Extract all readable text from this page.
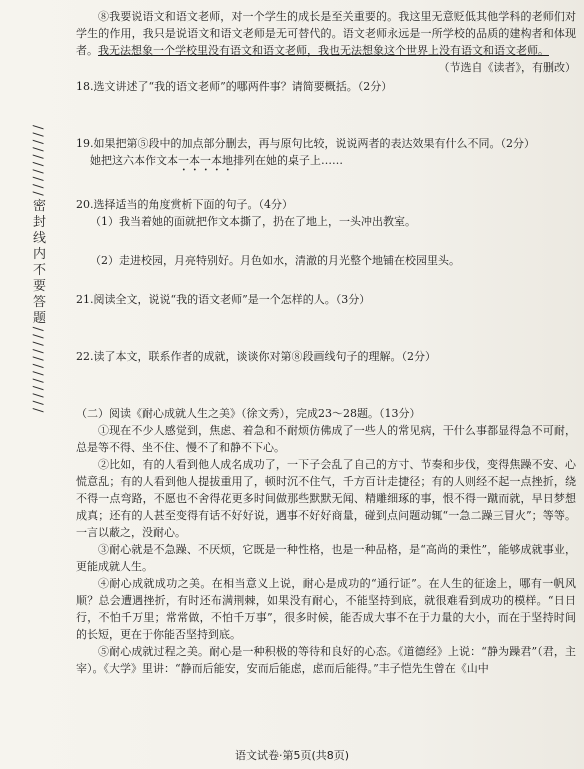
//////////密封线内不要答题////////////

⑧我要说语文和语文老师，对一个学生的成长是至关重要的。我这里无意贬低其他学科的老师们对学生的作用，我只是说语文和语文老师是无可替代的。语文老师永远是一所学校的品质的建构者和体现者。我无法想象一个学校里没有语文和语文老师，我也无法想象这个世界上没有语文和语文老师。

（节选自《读者》，有删改）

18.选文讲述了“我的语文老师”的哪两件事？请简要概括。（2分）

19.如果把第⑤段中的加点部分删去，再与原句比较，说说两者的表达效果有什么不同。（2分）

她把这六本作文本一本一本地排列在她的桌子上……

20.选择适当的角度赏析下面的句子。（4分）

（1）我当着她的面就把作文本撕了，扔在了地上，一头冲出教室。

（2）走进校园，月亮特别好。月色如水，清澈的月光整个地铺在校园里头。

21.阅读全文，说说“我的语文老师”是一个怎样的人。（3分）

22.读了本文，联系作者的成就，谈谈你对第⑧段画线句子的理解。（2分）

（二）阅读《耐心成就人生之美》（徐文秀），完成23～28题。（13分）

①现在不少人感觉到，焦虑、着急和不耐烦仿佛成了一些人的常见病，干什么事都显得急不可耐，总是等不得、坐不住、慢不了和静不下心。

②比如，有的人看到他人成名成功了，一下子会乱了自己的方寸、节奏和步伐，变得焦躁不安、心慌意乱；有的人看到他人提拔重用了，顿时沉不住气，千方百计走捷径；有的人则经不起一点挫折，绕不得一点弯路，不愿也不舍得花更多时间做那些默默无闻、精雕细琢的事，恨不得一蹴而就，早日梦想成真；还有的人甚至变得有话不好好说，遇事不好好商量，碰到点问题动辄“一急二躁三冒火”；等等。一言以蔽之，没耐心。

③耐心就是不急躁、不厌烦，它既是一种性格，也是一种品格，是“高尚的秉性”，能够成就事业，更能成就人生。

④耐心成就成功之美。在相当意义上说，耐心是成功的“通行证”。在人生的征途上，哪有一帆风顺？总会遭遇挫折，有时还布满荆棘，如果没有耐心，不能坚持到底，就很难看到成功的模样。“日日行，不怕千万里；常常做，不怕千万事”，很多时候，能否成大事不在于力量的大小，而在于坚持时间的长短，更在于你能否坚持到底。

⑤耐心成就过程之美。耐心是一种积极的等待和良好的心态。《道德经》上说：“静为躁君”（君，主宰）。《大学》里讲：“静而后能安，安而后能虑，虑而后能得。”丰子恺先生曾在《山中

语文试卷·第5页(共8页)
